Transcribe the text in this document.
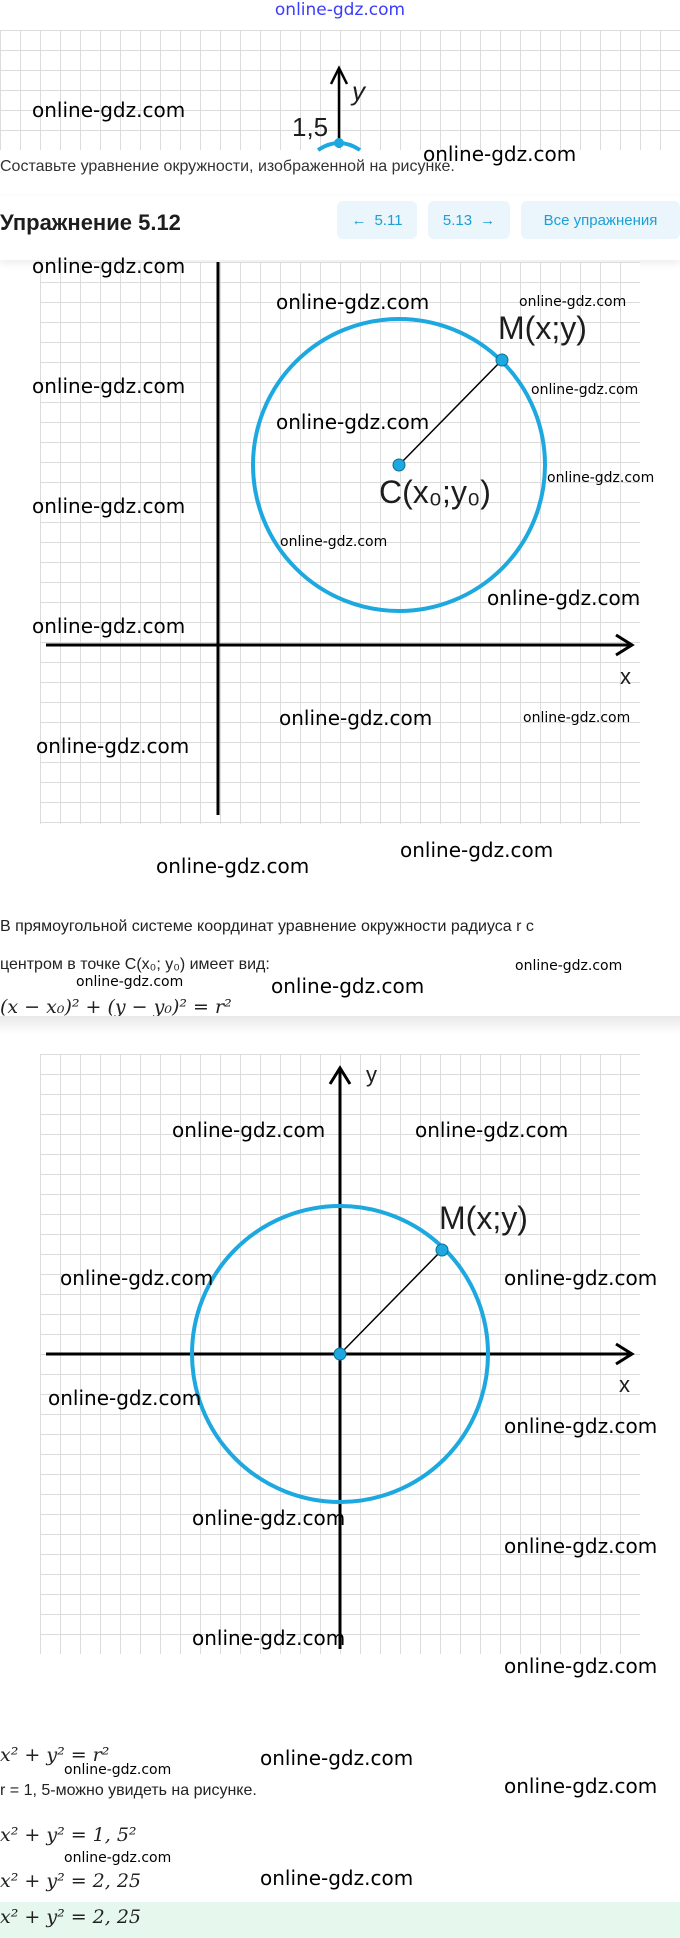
online-gdz.com
y
1,5
Составьте уравнение окружности, изображенной на рисунке.
Упражнение 5.12	← 5.11	5.13 →	Все упражнения
M(x;y)
C(x₀;y₀)
x
В прямоугольной системе координат уравнение окружности радиуса r с
центром в точке C(x₀; y₀) имеет вид:
(x − x₀)² + (y − y₀)² = r²
y
M(x;y)
x
x² + y² = r²
r = 1, 5-можно увидеть на рисунке.
x² + y² = 1, 5²
x² + y² = 2, 25
x² + y² = 2, 25
online-gdz.com
online-gdz.com
online-gdz.com
online-gdz.com	online-gdz.com
online-gdz.com	online-gdz.com
online-gdz.com
online-gdz.com
online-gdz.com
online-gdz.com
online-gdz.com
online-gdz.com
online-gdz.com	online-gdz.com
online-gdz.com
online-gdz.com
online-gdz.com
online-gdz.com
online-gdz.com	online-gdz.com
online-gdz.com	online-gdz.com
online-gdz.com	online-gdz.com
online-gdz.com
online-gdz.com
online-gdz.com
online-gdz.com
online-gdz.com
online-gdz.com
online-gdz.com
online-gdz.com
online-gdz.com
online-gdz.com
online-gdz.com
